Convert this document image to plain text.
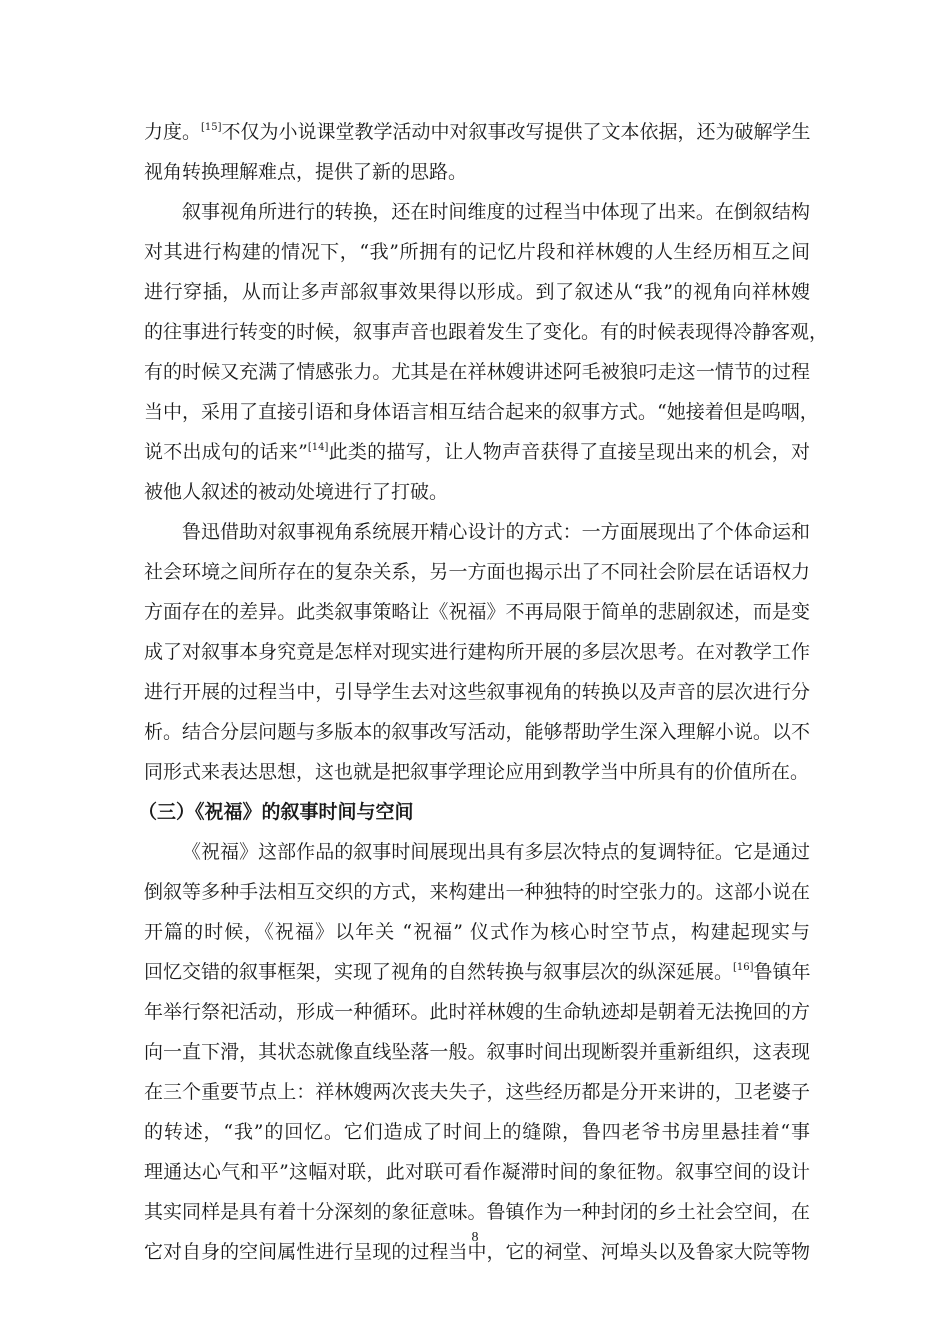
力度。[15]不仅为小说课堂教学活动中对叙事改写提供了文本依据，还为破解学生
视角转换理解难点，提供了新的思路。
叙事视角所进行的转换，还在时间维度的过程当中体现了出来。在倒叙结构
对其进行构建的情况下，“我”所拥有的记忆片段和祥林嫂的人生经历相互之间
进行穿插，从而让多声部叙事效果得以形成。到了叙述从“我”的视角向祥林嫂
的往事进行转变的时候，叙事声音也跟着发生了变化。有的时候表现得冷静客观，
有的时候又充满了情感张力。尤其是在祥林嫂讲述阿毛被狼叼走这一情节的过程
当中，采用了直接引语和身体语言相互结合起来的叙事方式。“她接着但是呜咽，
说不出成句的话来”[14]此类的描写，让人物声音获得了直接呈现出来的机会，对
被他人叙述的被动处境进行了打破。
鲁迅借助对叙事视角系统展开精心设计的方式：一方面展现出了个体命运和
社会环境之间所存在的复杂关系，另一方面也揭示出了不同社会阶层在话语权力
方面存在的差异。此类叙事策略让《祝福》不再局限于简单的悲剧叙述，而是变
成了对叙事本身究竟是怎样对现实进行建构所开展的多层次思考。在对教学工作
进行开展的过程当中，引导学生去对这些叙事视角的转换以及声音的层次进行分
析。结合分层问题与多版本的叙事改写活动，能够帮助学生深入理解小说。以不
同形式来表达思想，这也就是把叙事学理论应用到教学当中所具有的价值所在。
（三）《祝福》的叙事时间与空间
《祝福》这部作品的叙事时间展现出具有多层次特点的复调特征。它是通过
倒叙等多种手法相互交织的方式，来构建出一种独特的时空张力的。这部小说在
开篇的时候，《祝福》以年关 “祝福” 仪式作为核心时空节点，构建起现实与
回忆交错的叙事框架，实现了视角的自然转换与叙事层次的纵深延展。[16]鲁镇年
年举行祭祀活动，形成一种循环。此时祥林嫂的生命轨迹却是朝着无法挽回的方
向一直下滑，其状态就像直线坠落一般。叙事时间出现断裂并重新组织，这表现
在三个重要节点上：祥林嫂两次丧夫失子，这些经历都是分开来讲的，卫老婆子
的转述，“我”的回忆。它们造成了时间上的缝隙，鲁四老爷书房里悬挂着“事
理通达心气和平”这幅对联，此对联可看作凝滞时间的象征物。叙事空间的设计
其实同样是具有着十分深刻的象征意味。鲁镇作为一种封闭的乡土社会空间，在
它对自身的空间属性进行呈现的过程当中，它的祠堂、河埠头以及鲁家大院等物
8
